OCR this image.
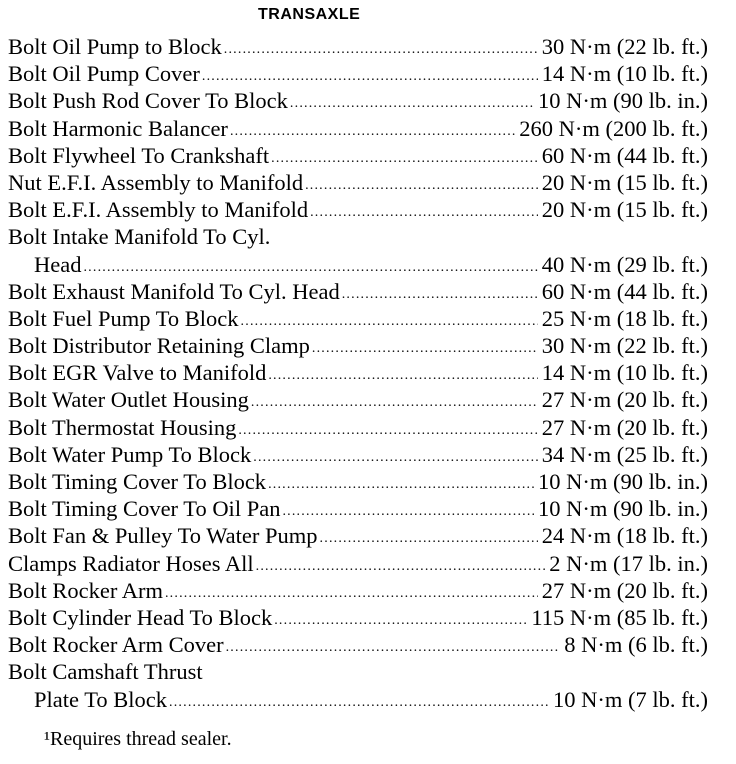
TRANSAXLE
Bolt Oil Pump to Block .....	30 N·m (22 lb. ft.)
Bolt Oil Pump Cover .....	14 N·m (10 lb. ft.)
Bolt Push Rod Cover To Block .....	10 N·m (90 lb. in.)
Bolt Harmonic Balancer .....	260 N·m (200 lb. ft.)
Bolt Flywheel To Crankshaft .....	60 N·m (44 lb. ft.)
Nut E.F.I. Assembly to Manifold .....	20 N·m (15 lb. ft.)
Bolt E.F.I. Assembly to Manifold .....	20 N·m (15 lb. ft.)
Bolt Intake Manifold To Cyl.
Head .....	40 N·m (29 lb. ft.)
Bolt Exhaust Manifold To Cyl. Head .....	60 N·m (44 lb. ft.)
Bolt Fuel Pump To Block .....	25 N·m (18 lb. ft.)
Bolt Distributor Retaining Clamp .....	30 N·m (22 lb. ft.)
Bolt EGR Valve to Manifold .....	14 N·m (10 lb. ft.)
Bolt Water Outlet Housing .....	27 N·m (20 lb. ft.)
Bolt Thermostat Housing .....	27 N·m (20 lb. ft.)
Bolt Water Pump To Block .....	34 N·m (25 lb. ft.)
Bolt Timing Cover To Block .....	10 N·m (90 lb. in.)
Bolt Timing Cover To Oil Pan .....	10 N·m (90 lb. in.)
Bolt Fan & Pulley To Water Pump .....	24 N·m (18 lb. ft.)
Clamps Radiator Hoses All .....	2 N·m (17 lb. in.)
Bolt Rocker Arm .....	27 N·m (20 lb. ft.)
Bolt Cylinder Head To Block .....	115 N·m (85 lb. ft.)
Bolt Rocker Arm Cover .....	8 N·m (6 lb. ft.)
Bolt Camshaft Thrust
Plate To Block .....	10 N·m (7 lb. ft.)
¹Requires thread sealer.
